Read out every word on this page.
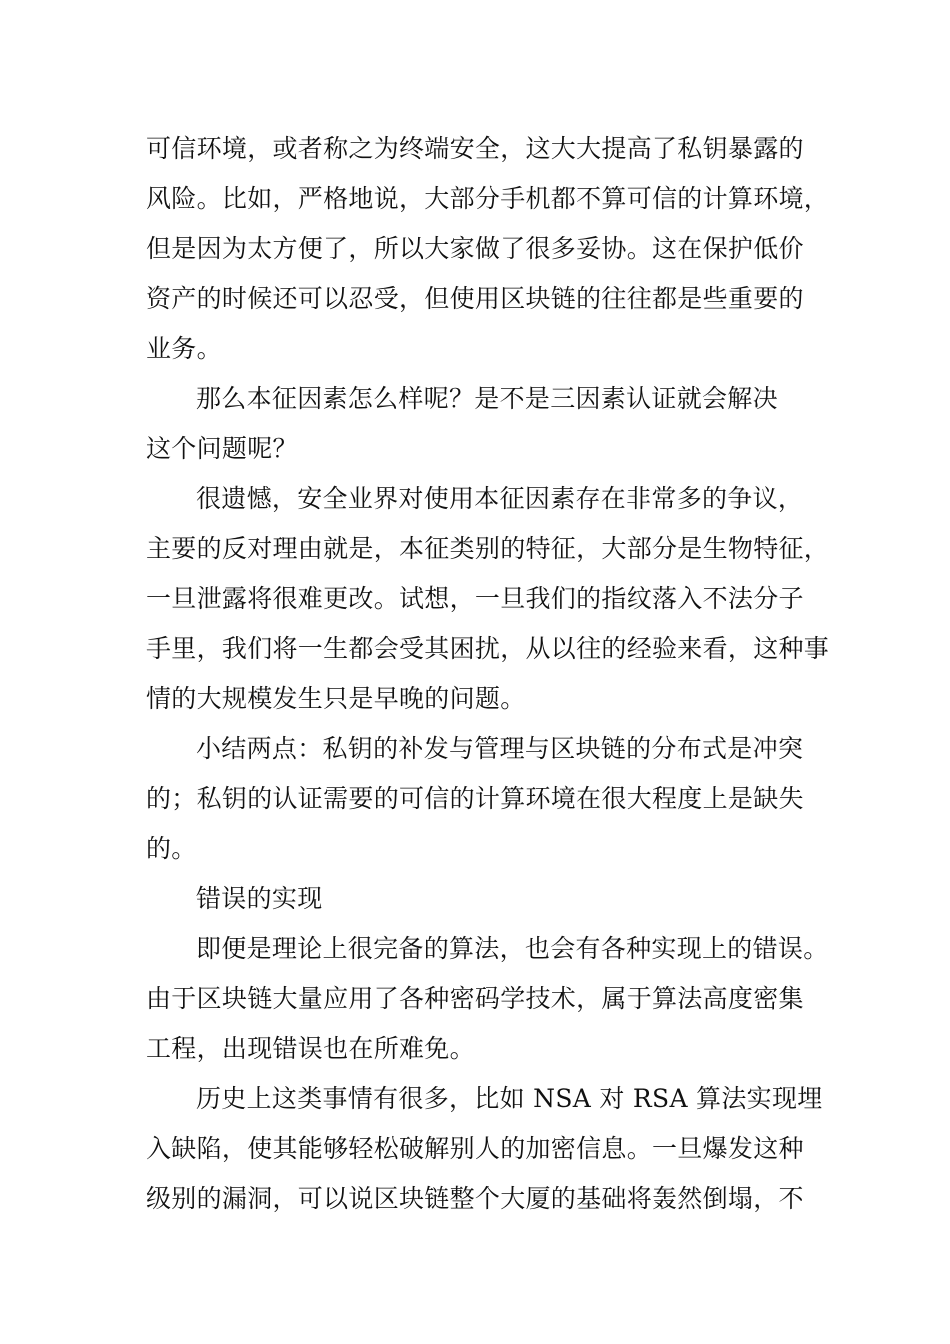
可信环境，或者称之为终端安全，这大大提高了私钥暴露的
风险。比如，严格地说，大部分手机都不算可信的计算环境，
但是因为太方便了，所以大家做了很多妥协。这在保护低价
资产的时候还可以忍受，但使用区块链的往往都是些重要的
业务。
那么本征因素怎么样呢？是不是三因素认证就会解决
这个问题呢？
很遗憾，安全业界对使用本征因素存在非常多的争议，
主要的反对理由就是，本征类别的特征，大部分是生物特征，
一旦泄露将很难更改。试想，一旦我们的指纹落入不法分子
手里，我们将一生都会受其困扰，从以往的经验来看，这种事
情的大规模发生只是早晚的问题。
小结两点：私钥的补发与管理与区块链的分布式是冲突
的；私钥的认证需要的可信的计算环境在很大程度上是缺失
的。
错误的实现
即便是理论上很完备的算法，也会有各种实现上的错误。
由于区块链大量应用了各种密码学技术，属于算法高度密集
工程，出现错误也在所难免。
历史上这类事情有很多，比如 NSA 对 RSA 算法实现埋
入缺陷，使其能够轻松破解别人的加密信息。一旦爆发这种
级别的漏洞，可以说区块链整个大厦的基础将轰然倒塌，不
